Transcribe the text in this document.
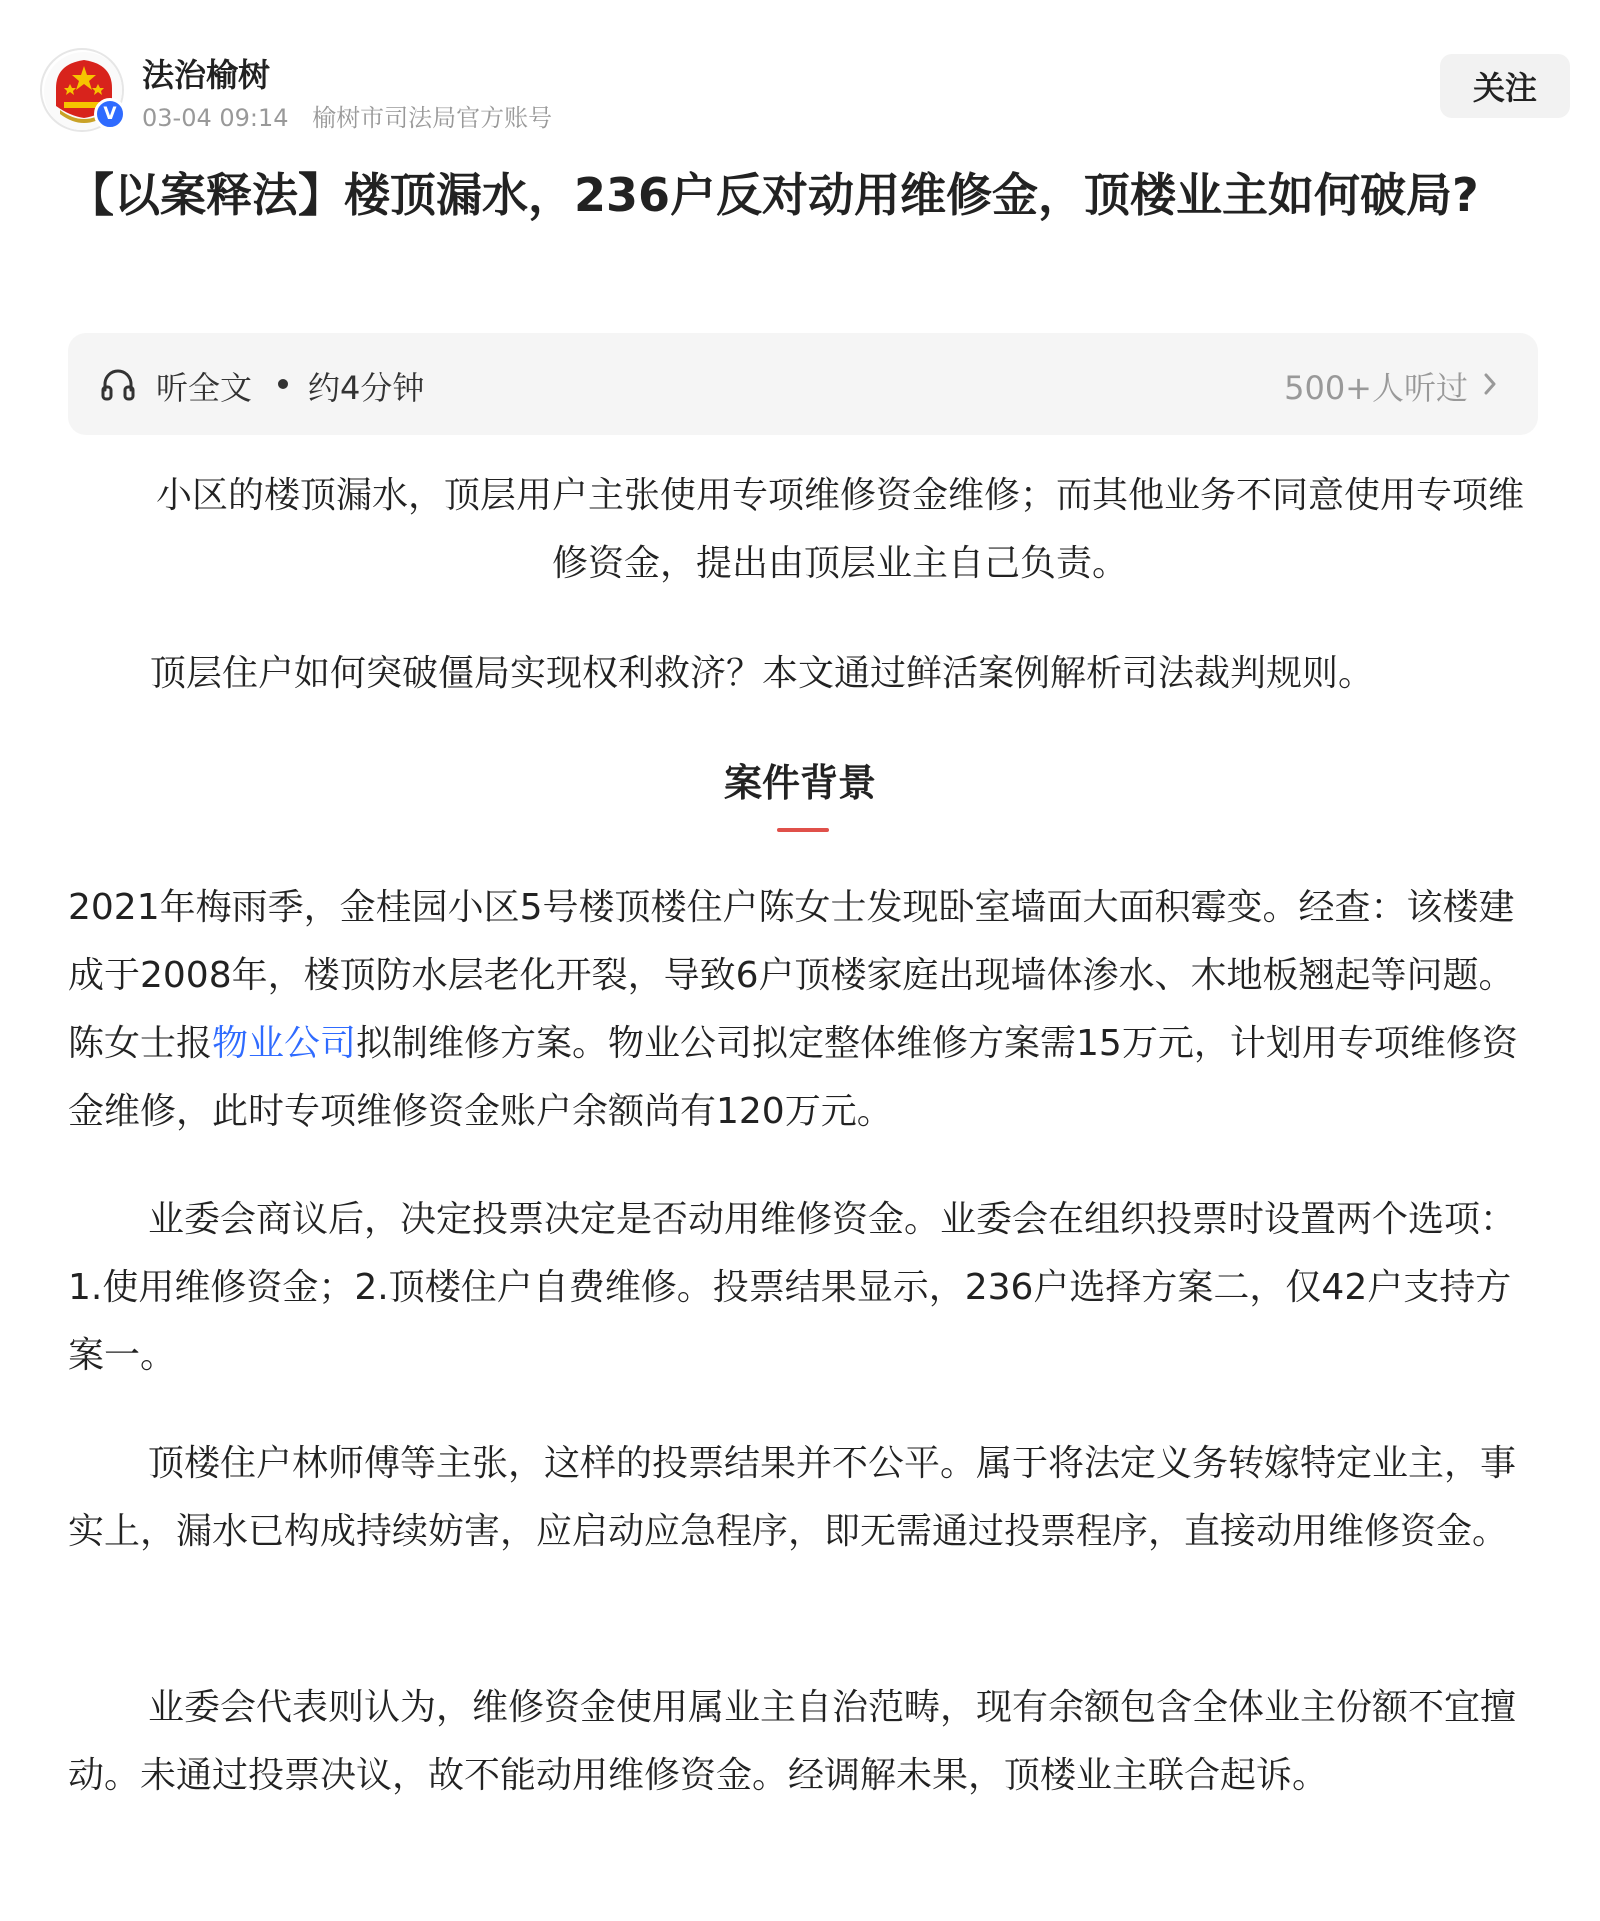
V
法治榆树
03-04 09:14 榆树市司法局官方账号
关注
【以案释法】楼顶漏水，236户反对动用维修金，顶楼业主如何破局?
听全文 约4分钟	500+人听过

小区的楼顶漏水，顶层用户主张使用专项维修资金维修；而其他业务不同意使用专项维修资金，提出由顶层业主自己负责。

顶层住户如何突破僵局实现权利救济？本文通过鲜活案例解析司法裁判规则。

案件背景

2021年梅雨季，金桂园小区5号楼顶楼住户陈女士发现卧室墙面大面积霉变。经查：该楼建成于2008年，楼顶防水层老化开裂，导致6户顶楼家庭出现墙体渗水、木地板翘起等问题。陈女士报物业公司拟制维修方案。物业公司拟定整体维修方案需15万元，计划用专项维修资金维修，此时专项维修资金账户余额尚有120万元。

业委会商议后，决定投票决定是否动用维修资金。业委会在组织投票时设置两个选项：1.使用维修资金；2.顶楼住户自费维修。投票结果显示，236户选择方案二，仅42户支持方案一。

顶楼住户林师傅等主张，这样的投票结果并不公平。属于将法定义务转嫁特定业主，事实上，漏水已构成持续妨害，应启动应急程序，即无需通过投票程序，直接动用维修资金。

业委会代表则认为，维修资金使用属业主自治范畴，现有余额包含全体业主份额不宜擅动。未通过投票决议，故不能动用维修资金。经调解未果，顶楼业主联合起诉。
